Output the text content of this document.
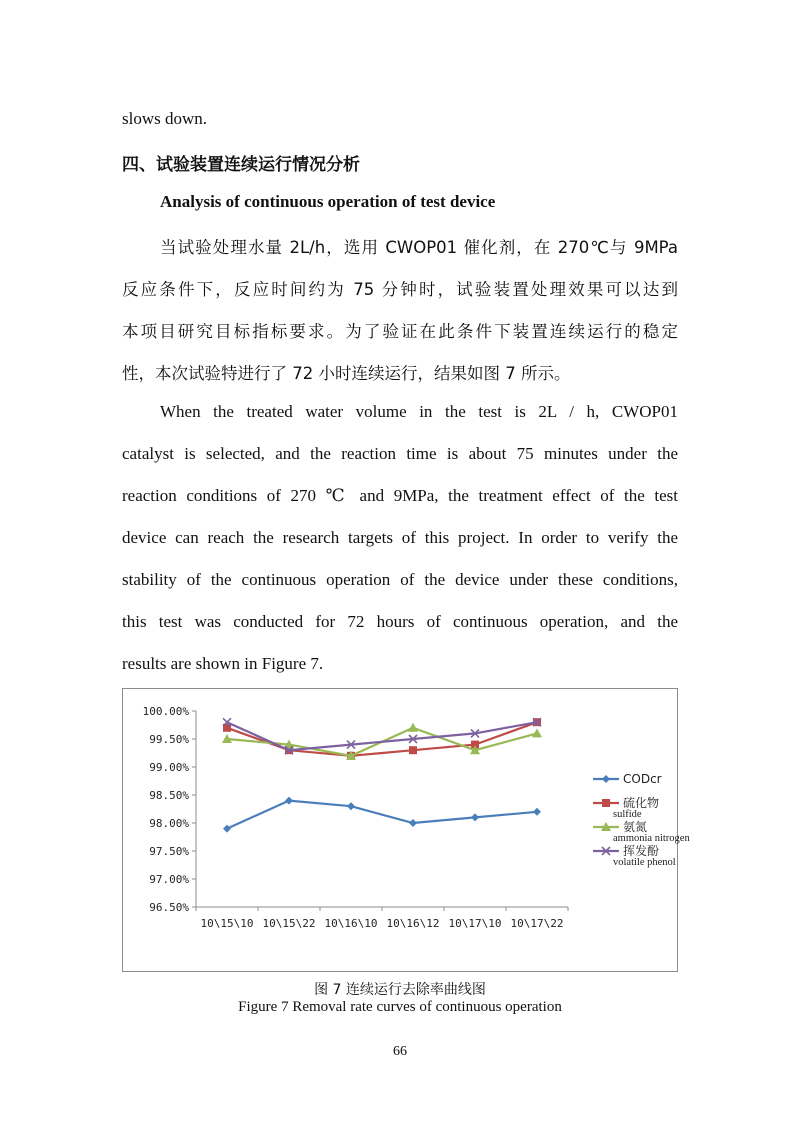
slows down.
四、试验装置连续运行情况分析
Analysis of continuous operation of test device
当试验处理水量 2L/h，选用 CWOP01 催化剂，在 270℃与 9MPa
反应条件下，反应时间约为 75 分钟时，试验装置处理效果可以达到
本项目研究目标指标要求。为了验证在此条件下装置连续运行的稳定
性，本次试验特进行了 72 小时连续运行，结果如图 7 所示。
When the treated water volume in the test is 2L / h, CWOP01
catalyst is selected, and the reaction time is about 75 minutes under the
reaction conditions of 270 ℃ and 9MPa, the treatment effect of the test
device can reach the research targets of this project. In order to verify the
stability of the continuous operation of the device under these conditions,
this test was conducted for 72 hours of continuous operation, and the
results are shown in Figure 7.
100.00%
99.50%
99.00%
98.50%
98.00%
97.50%
97.00%
96.50%
10\15\10 10\15\22 10\16\10 10\16\12 10\17\10 10\17\22
CODcr
硫化物
sulfide
氨氮
ammonia nitrogen
挥发酚
volatile phenol
图 7 连续运行去除率曲线图
Figure 7 Removal rate curves of continuous operation
66
